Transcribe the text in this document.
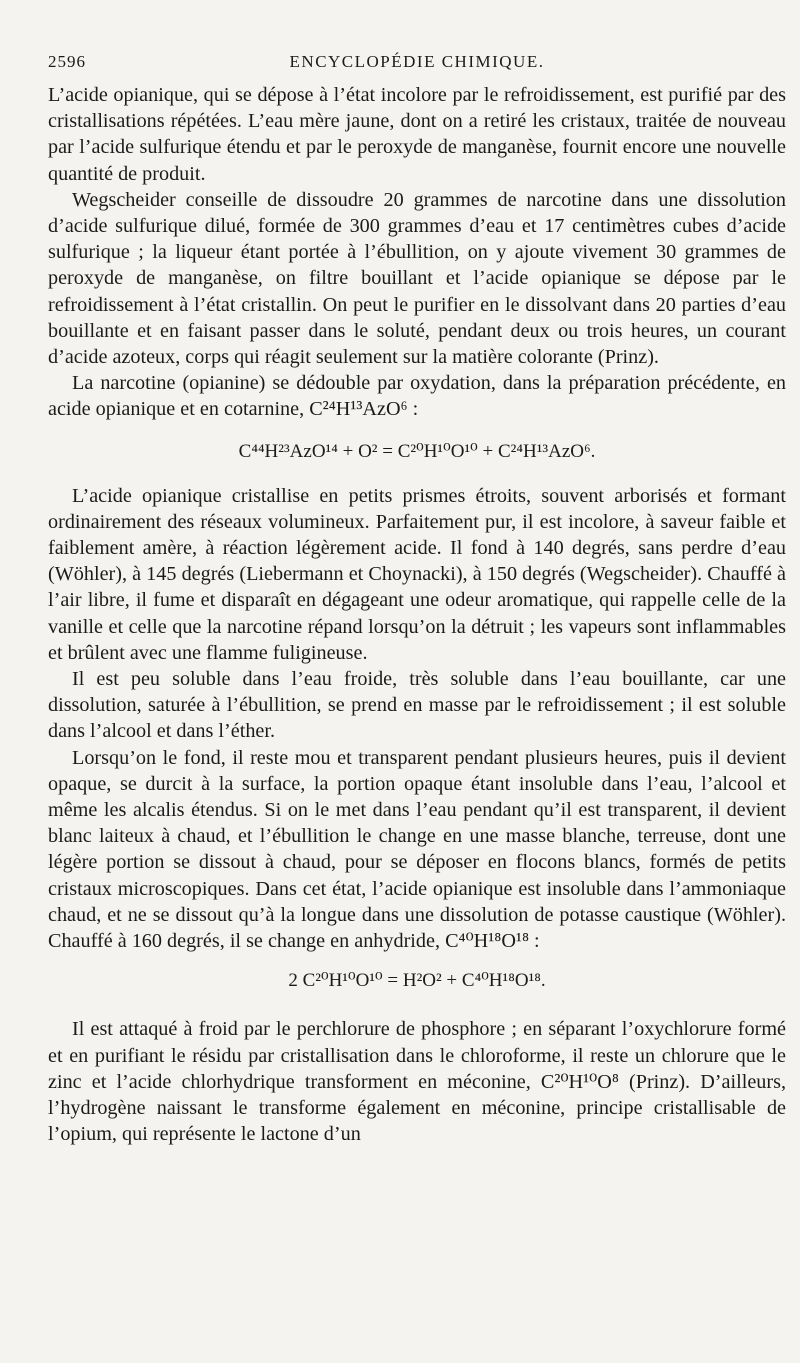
2596	ENCYCLOPÉDIE CHIMIQUE.

L’acide opianique, qui se dépose à l’état incolore par le refroidissement, est purifié par des cristallisations répétées. L’eau mère jaune, dont on a retiré les cristaux, traitée de nouveau par l’acide sulfurique étendu et par le peroxyde de manganèse, fournit encore une nouvelle quantité de produit.

Wegscheider conseille de dissoudre 20 grammes de narcotine dans une dissolution d’acide sulfurique dilué, formée de 300 grammes d’eau et 17 centimètres cubes d’acide sulfurique ; la liqueur étant portée à l’ébullition, on y ajoute vivement 30 grammes de peroxyde de manganèse, on filtre bouillant et l’acide opianique se dépose par le refroidissement à l’état cristallin. On peut le purifier en le dissolvant dans 20 parties d’eau bouillante et en faisant passer dans le soluté, pendant deux ou trois heures, un courant d’acide azoteux, corps qui réagit seulement sur la matière colorante (Prinz).

La narcotine (opianine) se dédouble par oxydation, dans la préparation précédente, en acide opianique et en cotarnine, C²⁴H¹³AzO⁶ :

C⁴⁴H²³AzO¹⁴ + O² = C²⁰H¹⁰O¹⁰ + C²⁴H¹³AzO⁶.

L’acide opianique cristallise en petits prismes étroits, souvent arborisés et formant ordinairement des réseaux volumineux. Parfaitement pur, il est incolore, à saveur faible et faiblement amère, à réaction légèrement acide. Il fond à 140 degrés, sans perdre d’eau (Wöhler), à 145 degrés (Liebermann et Choynacki), à 150 degrés (Wegscheider). Chauffé à l’air libre, il fume et disparaît en dégageant une odeur aromatique, qui rappelle celle de la vanille et celle que la narcotine répand lorsqu’on la détruit ; les vapeurs sont inflammables et brûlent avec une flamme fuligineuse.

Il est peu soluble dans l’eau froide, très soluble dans l’eau bouillante, car une dissolution, saturée à l’ébullition, se prend en masse par le refroidissement ; il est soluble dans l’alcool et dans l’éther.

Lorsqu’on le fond, il reste mou et transparent pendant plusieurs heures, puis il devient opaque, se durcit à la surface, la portion opaque étant insoluble dans l’eau, l’alcool et même les alcalis étendus. Si on le met dans l’eau pendant qu’il est transparent, il devient blanc laiteux à chaud, et l’ébullition le change en une masse blanche, terreuse, dont une légère portion se dissout à chaud, pour se déposer en flocons blancs, formés de petits cristaux microscopiques. Dans cet état, l’acide opianique est insoluble dans l’ammoniaque chaud, et ne se dissout qu’à la longue dans une dissolution de potasse caustique (Wöhler). Chauffé à 160 degrés, il se change en anhydride, C⁴⁰H¹⁸O¹⁸ :

2 C²⁰H¹⁰O¹⁰ = H²O² + C⁴⁰H¹⁸O¹⁸.

Il est attaqué à froid par le perchlorure de phosphore ; en séparant l’oxychlorure formé et en purifiant le résidu par cristallisation dans le chloroforme, il reste un chlorure que le zinc et l’acide chlorhydrique transforment en méconine, C²⁰H¹⁰O⁸ (Prinz). D’ailleurs, l’hydrogène naissant le transforme également en méconine, principe cristallisable de l’opium, qui représente le lactone d’un
